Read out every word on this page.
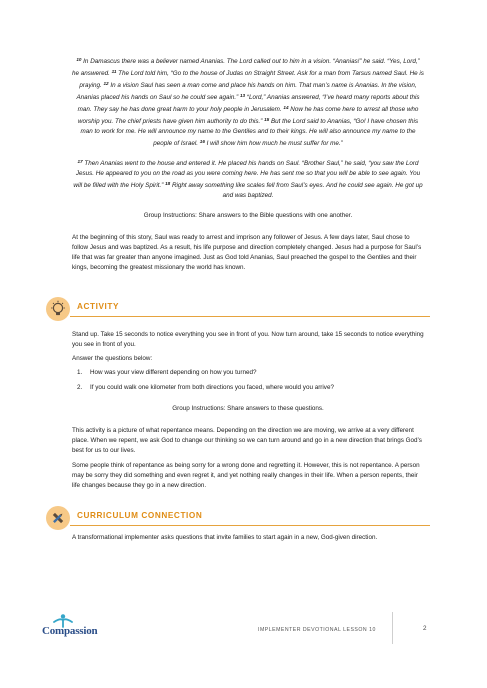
$^{10}$ In Damascus there was a believer named Ananias. The Lord called out to him in a vision. “Ananias!” he said. “Yes, Lord,” he answered. $^{11}$ The Lord told him, “Go to the house of Judas on Straight Street. Ask for a man from Tarsus named Saul. He is praying. $^{12}$ In a vision Saul has seen a man come and place his hands on him. That man’s name is Ananias. In the vision, Ananias placed his hands on Saul so he could see again.” $^{13}$ “Lord,” Ananias answered, “I’ve heard many reports about this man. They say he has done great harm to your holy people in Jerusalem. $^{14}$ Now he has come here to arrest all those who worship you. The chief priests have given him authority to do this.” $^{15}$ But the Lord said to Ananias, “Go! I have chosen this man to work for me. He will announce my name to the Gentiles and to their kings. He will also announce my name to the people of Israel. $^{16}$ I will show him how much he must suffer for me.”
$^{17}$ Then Ananias went to the house and entered it. He placed his hands on Saul. “Brother Saul,” he said, “you saw the Lord Jesus. He appeared to you on the road as you were coming here. He has sent me so that you will be able to see again. You will be filled with the Holy Spirit.” $^{18}$ Right away something like scales fell from Saul’s eyes. And he could see again. He got up and was baptized.
Group Instructions: Share answers to the Bible questions with one another.
At the beginning of this story, Saul was ready to arrest and imprison any follower of Jesus. A few days later, Saul chose to follow Jesus and was baptized. As a result, his life purpose and direction completely changed. Jesus had a purpose for Saul’s life that was far greater than anyone imagined. Just as God told Ananias, Saul preached the gospel to the Gentiles and their kings, becoming the greatest missionary the world has known.
ACTIVITY
Stand up. Take 15 seconds to notice everything you see in front of you. Now turn around, take 15 seconds to notice everything you see in front of you.
Answer the questions below:
1. How was your view different depending on how you turned?
2. If you could walk one kilometer from both directions you faced, where would you arrive?
Group Instructions: Share answers to these questions.
This activity is a picture of what repentance means. Depending on the direction we are moving, we arrive at a very different place. When we repent, we ask God to change our thinking so we can turn around and go in a new direction that brings God’s best for us to our lives.
Some people think of repentance as being sorry for a wrong done and regretting it. However, this is not repentance. A person may be sorry they did something and even regret it, and yet nothing really changes in their life. When a person repents, their life changes because they go in a new direction.
CURRICULUM CONNECTION
A transformational implementer asks questions that invite families to start again in a new, God-given direction.
Compassion	IMPLEMENTER DEVOTIONAL LESSON 10	2
